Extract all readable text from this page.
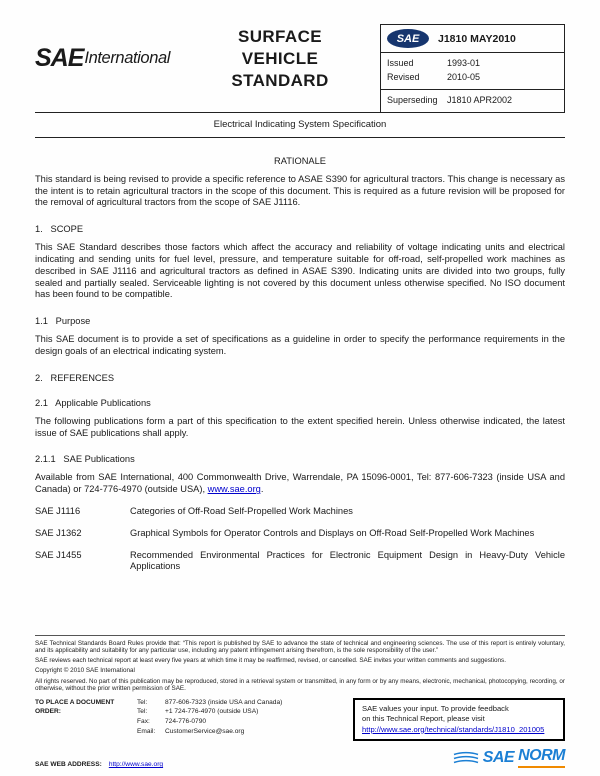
SAE International
SURFACE
VEHICLE
STANDARD
SAE	J1810 MAY2010
Issued	1993-01
Revised	2010-05
Superseding	J1810 APR2002
Electrical Indicating System Specification
RATIONALE

This standard is being revised to provide a specific reference to ASAE S390 for agricultural tractors. This change is necessary as the intent is to retain agricultural tractors in the scope of this document. This is required as a future revision will be proposed for the removal of agricultural tractors from the scope of SAE J1116.

1.   SCOPE

This SAE Standard describes those factors which affect the accuracy and reliability of voltage indicating units and electrical indicating and sending units for fuel level, pressure, and temperature suitable for off-road, self-propelled work machines as described in SAE J1116 and agricultural tractors as defined in ASAE S390. Indicating units are divided into two groups, fully sealed and partially sealed. Serviceable lighting is not covered by this document unless otherwise specified. No ISO document has been found to be compatible.

1.1   Purpose

This SAE document is to provide a set of specifications as a guideline in order to specify the performance requirements in the design goals of an electrical indicating system.

2.   REFERENCES
2.1   Applicable Publications

The following publications form a part of this specification to the extent specified herein. Unless otherwise indicated, the latest issue of SAE publications shall apply.

2.1.1   SAE Publications

Available from SAE International, 400 Commonwealth Drive, Warrendale, PA 15096-0001, Tel: 877-606-7323 (inside USA and Canada) or 724-776-4970 (outside USA), www.sae.org.

SAE J1116	Categories of Off-Road Self-Propelled Work Machines
SAE J1362	Graphical Symbols for Operator Controls and Displays on Off-Road Self-Propelled Work Machines
SAE J1455	Recommended Environmental Practices for Electronic Equipment Design in Heavy-Duty Vehicle Applications

SAE Technical Standards Board Rules provide that: “This report is published by SAE to advance the state of technical and engineering sciences. The use of this report is entirely voluntary, and its applicability and suitability for any particular use, including any patent infringement arising therefrom, is the sole responsibility of the user.”

SAE reviews each technical report at least every five years at which time it may be reaffirmed, revised, or cancelled. SAE invites your written comments and suggestions.

Copyright © 2010 SAE International

All rights reserved. No part of this publication may be reproduced, stored in a retrieval system or transmitted, in any form or by any means, electronic, mechanical, photocopying, recording, or otherwise, without the prior written permission of SAE.

TO PLACE A DOCUMENT ORDER:
Tel:	877-606-7323 (inside USA and Canada)
Tel:	+1 724-776-4970 (outside USA)
Fax:	724-776-0790
Email:	CustomerService@sae.org
SAE values your input. To provide feedback
on this Technical Report, please visit
http://www.sae.org/technical/standards/J1810_201005
SAE WEB ADDRESS: http://www.sae.org	SAE NORM
